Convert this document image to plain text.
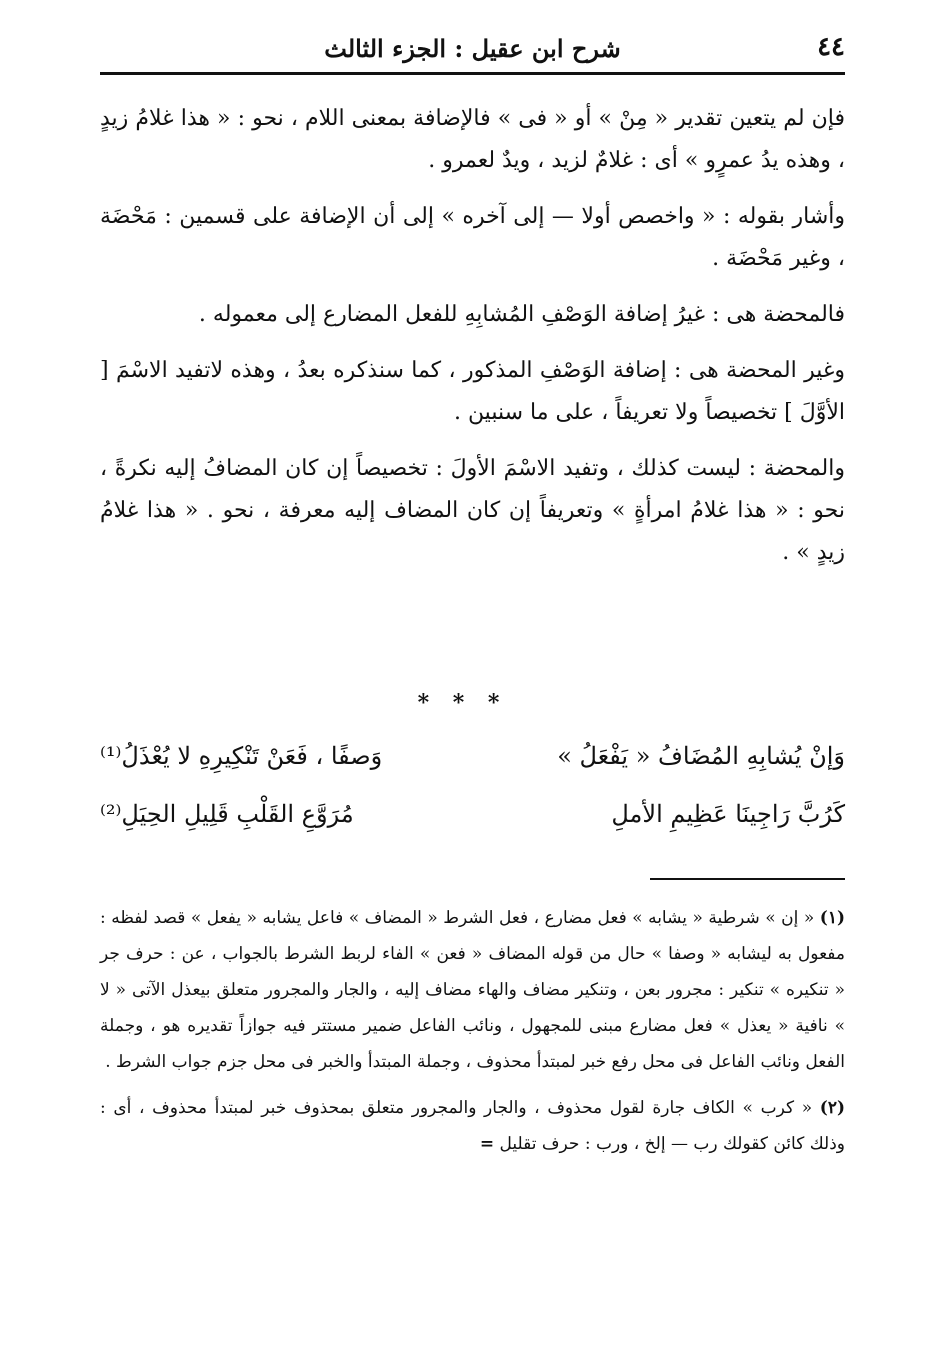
٤٤
شرح ابن عقيل : الجزء الثالث

فإن لم يتعين تقدير « مِنْ » أو « فى » فالإضافة بمعنى اللام ، نحو : « هذا غلامُ زيدٍ ، وهذه يدُ عمرٍو » أى : غلامٌ لزيد ، ويدٌ لعمرو .

وأشار بقوله : « واخصص أولا — إلى آخره » إلى أن الإضافة على قسمين : مَحْضَة ، وغير مَحْضَة .

فالمحضة هى : غيرُ إضافة الوَصْفِ المُشابِهِ للفعل المضارع إلى معموله .

وغير المحضة هى : إضافة الوَصْفِ المذكور ، كما سنذكره بعدُ ، وهذه لاتفيد الاسْمَ [ الأوَّلَ ] تخصيصاً ولا تعريفاً ، على ما سنبين .

والمحضة : ليست كذلك ، وتفيد الاسْمَ الأولَ : تخصيصاً إن كان المضافُ إليه نكرةً ، نحو : « هذا غلامُ امرأةٍ » وتعريفاً إن كان المضاف إليه معرفة ، نحو . « هذا غلامُ زيدٍ » .

* * *
وَإنْ يُشابِهِ المُضَافُ « يَفْعَلُ »
وَصفًا ، فَعَنْ تَنْكِيرِهِ لا يُعْذَلُ⁽¹⁾
كَرُبَّ رَاجِينَا عَظِيمِ الأملِ
مُرَوَّعِ القَلْبِ قَلِيلِ الحِيَلِ⁽²⁾

(١) « إن » شرطية « يشابه » فعل مضارع ، فعل الشرط « المضاف » فاعل يشابه « يفعل » قصد لفظه : مفعول به ليشابه « وصفا » حال من قوله المضاف « فعن » الفاء لربط الشرط بالجواب ، عن : حرف جر « تنكيره » تنكير : مجرور بعن ، وتنكير مضاف والهاء مضاف إليه ، والجار والمجرور متعلق بيعذل الآتى « لا » نافية « يعذل » فعل مضارع مبنى للمجهول ، ونائب الفاعل ضمير مستتر فيه جوازاً تقديره هو ، وجملة الفعل ونائب الفاعل فى محل رفع خبر لمبتدأ محذوف ، وجملة المبتدأ والخبر فى محل جزم جواب الشرط .

(٢) « كرب » الكاف جارة لقول محذوف ، والجار والمجرور متعلق بمحذوف خبر لمبتدأ محذوف ، أى : وذلك كائن كقولك رب — إلخ ، ورب : حرف تقليل =
